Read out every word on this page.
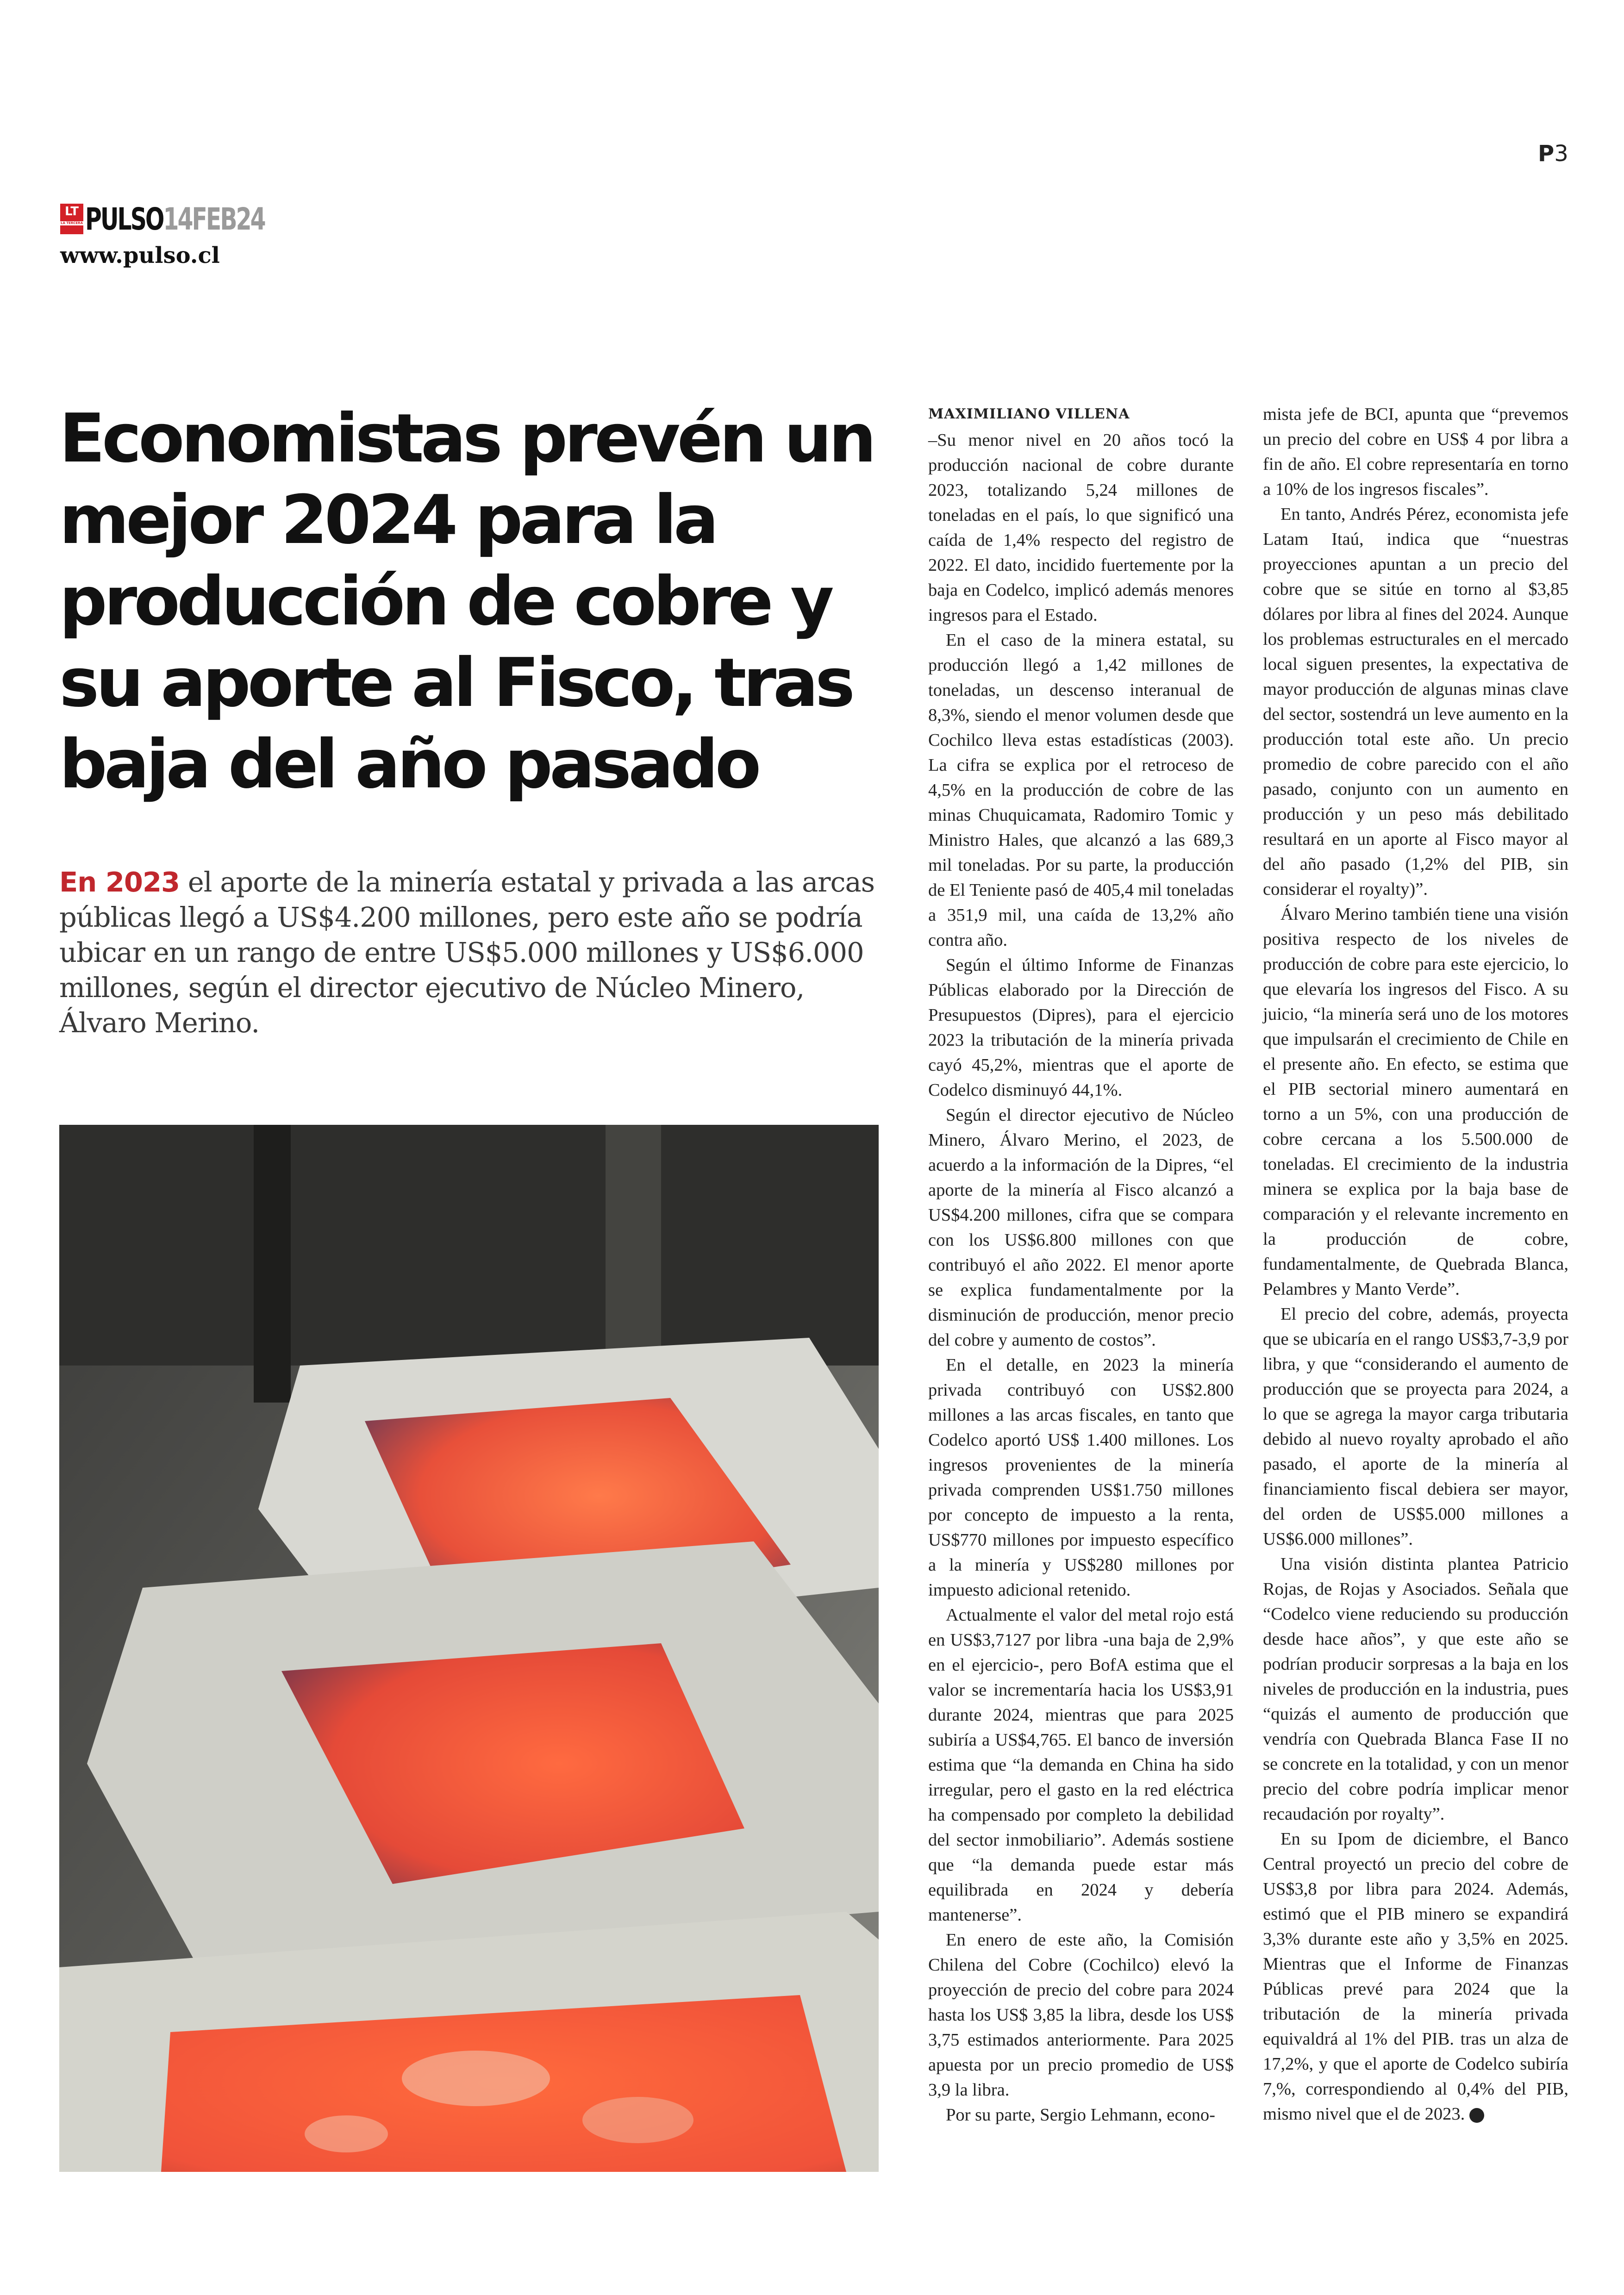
P3
LT
LA TERCERA PULSO14FEB24
www.pulso.cl
Economistas prevén un mejor 2024 para la producción de cobre y su aporte al Fisco, tras baja del año pasado

En 2023 el aporte de la minería estatal y privada a las arcas públicas llegó a US$4.200 millones, pero este año se podría ubicar en un rango de entre US$5.000 millones y US$6.000 millones, según el director ejecutivo de Núcleo Minero, Álvaro Merino.

MAXIMILIANO VILLENA

–Su menor nivel en 20 años tocó la producción nacional de cobre durante 2023, totalizando 5,24 millones de toneladas en el país, lo que significó una caída de 1,4% respecto del registro de 2022. El dato, incidido fuertemente por la baja en Codelco, implicó además menores ingresos para el Estado.

En el caso de la minera estatal, su producción llegó a 1,42 millones de toneladas, un descenso interanual de 8,3%, siendo el menor volumen desde que Cochilco lleva estas estadísticas (2003). La cifra se explica por el retroceso de 4,5% en la producción de cobre de las minas Chuquicamata, Radomiro Tomic y Ministro Hales, que alcanzó a las 689,3 mil toneladas. Por su parte, la producción de El Teniente pasó de 405,4 mil toneladas a 351,9 mil, una caída de 13,2% año contra año.

Según el último Informe de Finanzas Públicas elaborado por la Dirección de Presupuestos (Dipres), para el ejercicio 2023 la tributación de la minería privada cayó 45,2%, mientras que el aporte de Codelco disminuyó 44,1%.

Según el director ejecutivo de Núcleo Minero, Álvaro Merino, el 2023, de acuerdo a la información de la Dipres, “el aporte de la minería al Fisco alcanzó a US$4.200 millones, cifra que se compara con los US$6.800 millones con que contribuyó el año 2022. El menor aporte se explica fundamentalmente por la disminución de producción, menor precio del cobre y aumento de costos”.

En el detalle, en 2023 la minería privada contribuyó con US$2.800 millones a las arcas fiscales, en tanto que Codelco aportó US$ 1.400 millones. Los ingresos provenientes de la minería privada comprenden US$1.750 millones por concepto de impuesto a la renta, US$770 millones por impuesto específico a la minería y US$280 millones por impuesto adicional retenido.

Actualmente el valor del metal rojo está en US$3,7127 por libra -una baja de 2,9% en el ejercicio-, pero BofA estima que el valor se incrementaría hacia los US$3,91 durante 2024, mientras que para 2025 subiría a US$4,765. El banco de inversión estima que “la demanda en China ha sido irregular, pero el gasto en la red eléctrica ha compensado por completo la debilidad del sector inmobiliario”. Además sostiene que “la demanda puede estar más equilibrada en 2024 y debería mantenerse”.

En enero de este año, la Comisión Chilena del Cobre (Cochilco) elevó la proyección de precio del cobre para 2024 hasta los US$ 3,85 la libra, desde los US$ 3,75 estimados anteriormente. Para 2025 apuesta por un precio promedio de US$ 3,9 la libra.

Por su parte, Sergio Lehmann, econo-

mista jefe de BCI, apunta que “prevemos un precio del cobre en US$ 4 por libra a fin de año. El cobre representaría en torno a 10% de los ingresos fiscales”.

En tanto, Andrés Pérez, economista jefe Latam Itaú, indica que “nuestras proyecciones apuntan a un precio del cobre que se sitúe en torno al $3,85 dólares por libra al fines del 2024. Aunque los problemas estructurales en el mercado local siguen presentes, la expectativa de mayor producción de algunas minas clave del sector, sostendrá un leve aumento en la producción total este año. Un precio promedio de cobre parecido con el año pasado, conjunto con un aumento en producción y un peso más debilitado resultará en un aporte al Fisco mayor al del año pasado (1,2% del PIB, sin considerar el royalty)”.

Álvaro Merino también tiene una visión positiva respecto de los niveles de producción de cobre para este ejercicio, lo que elevaría los ingresos del Fisco. A su juicio, “la minería será uno de los motores que impulsarán el crecimiento de Chile en el presente año. En efecto, se estima que el PIB sectorial minero aumentará en torno a un 5%, con una producción de cobre cercana a los 5.500.000 de toneladas. El crecimiento de la industria minera se explica por la baja base de comparación y el relevante incremento en la producción de cobre, fundamentalmente, de Quebrada Blanca, Pelambres y Manto Verde”.

El precio del cobre, además, proyecta que se ubicaría en el rango US$3,7-3,9 por libra, y que “considerando el aumento de producción que se proyecta para 2024, a lo que se agrega la mayor carga tributaria debido al nuevo royalty aprobado el año pasado, el aporte de la minería al financiamiento fiscal debiera ser mayor, del orden de US$5.000 millones a US$6.000 millones”.

Una visión distinta plantea Patricio Rojas, de Rojas y Asociados. Señala que “Codelco viene reduciendo su producción desde hace años”, y que este año se podrían producir sorpresas a la baja en los niveles de producción en la industria, pues “quizás el aumento de producción que vendría con Quebrada Blanca Fase II no se concrete en la totalidad, y con un menor precio del cobre podría implicar menor recaudación por royalty”.

En su Ipom de diciembre, el Banco Central proyectó un precio del cobre de US$3,8 por libra para 2024. Además, estimó que el PIB minero se expandirá 3,3% durante este año y 3,5% en 2025. Mientras que el Informe de Finanzas Públicas prevé para 2024 que la tributación de la minería privada equivaldrá al 1% del PIB. tras un alza de 17,2%, y que el aporte de Codelco subiría 7,%, correspondiendo al 0,4% del PIB, mismo nivel que el de 2023. P
